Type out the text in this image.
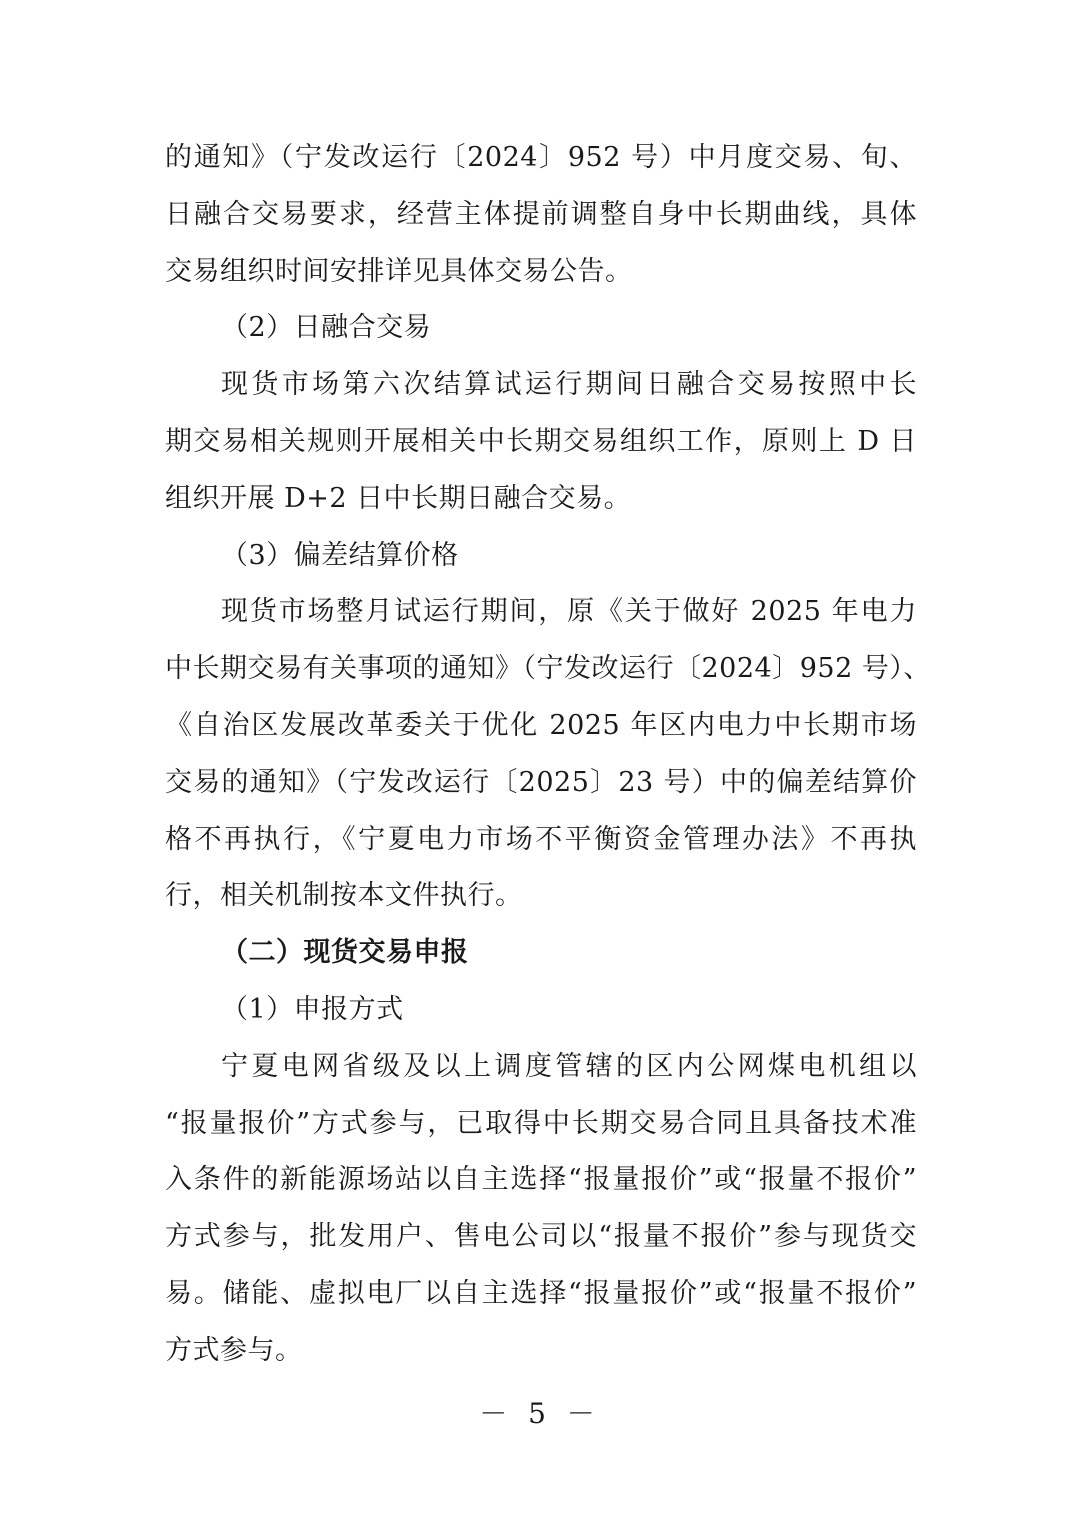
的通知》（宁发改运行〔2024〕952 号）中月度交易、旬、
日融合交易要求，经营主体提前调整自身中长期曲线，具体
交易组织时间安排详见具体交易公告。
（2）日融合交易
现货市场第六次结算试运行期间日融合交易按照中长
期交易相关规则开展相关中长期交易组织工作，原则上 D 日
组织开展 D+2 日中长期日融合交易。
（3）偏差结算价格
现货市场整月试运行期间，原《关于做好 2025 年电力
中长期交易有关事项的通知》（宁发改运行〔2024〕952 号）、
《自治区发展改革委关于优化 2025 年区内电力中长期市场
交易的通知》（宁发改运行〔2025〕23 号）中的偏差结算价
格不再执行，《宁夏电力市场不平衡资金管理办法》不再执
行，相关机制按本文件执行。
（二）现货交易申报
（1）申报方式
宁夏电网省级及以上调度管辖的区内公网煤电机组以
“报量报价”方式参与，已取得中长期交易合同且具备技术准
入条件的新能源场站以自主选择“报量报价”或“报量不报价”
方式参与，批发用户、售电公司以“报量不报价”参与现货交
易。储能、虚拟电厂以自主选择“报量报价”或“报量不报价”
方式参与。
－ 5 －
